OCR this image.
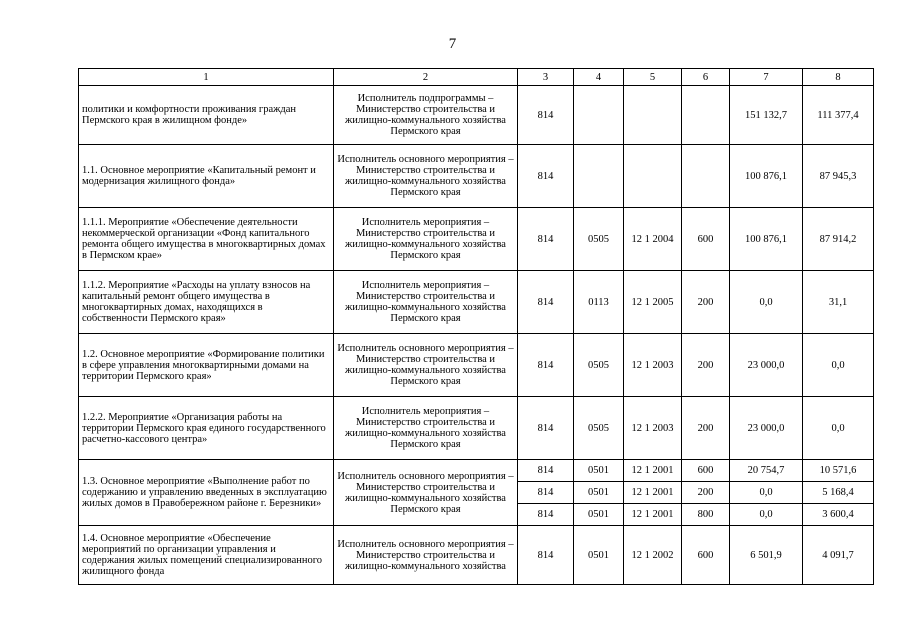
7
1	2	3	4	5	6	7	8
политики и комфортности проживания граждан Пермского края в жилищном фонде»	Исполнитель подпрограммы – Министерство строительства и жилищно-коммунального хозяйства Пермского края	814				151 132,7	111 377,4
1.1. Основное мероприятие «Капитальный ремонт и модернизация жилищного фонда»	Исполнитель основного мероприятия – Министерство строительства и жилищно-коммунального хозяйства Пермского края	814				100 876,1	87 945,3
1.1.1. Мероприятие «Обеспечение деятельности некоммерческой организации «Фонд капитального ремонта общего имущества в многоквартирных домах в Пермском крае»	Исполнитель мероприятия – Министерство строительства и жилищно-коммунального хозяйства Пермского края	814	0505	12 1 2004	600	100 876,1	87 914,2
1.1.2. Мероприятие «Расходы на уплату взносов на капитальный ремонт общего имущества в многоквартирных домах, находящихся в собственности Пермского края»	Исполнитель мероприятия – Министерство строительства и жилищно-коммунального хозяйства Пермского края	814	0113	12 1 2005	200	0,0	31,1
1.2. Основное мероприятие «Формирование политики в сфере управления многоквартирными домами на территории Пермского края»	Исполнитель основного мероприятия – Министерство строительства и жилищно-коммунального хозяйства Пермского края	814	0505	12 1 2003	200	23 000,0	0,0
1.2.2. Мероприятие «Организация работы на территории Пермского края единого государственного расчетно-кассового центра»	Исполнитель мероприятия – Министерство строительства и жилищно-коммунального хозяйства Пермского края	814	0505	12 1 2003	200	23 000,0	0,0
1.3. Основное мероприятие «Выполнение работ по содержанию и управлению введенных в эксплуатацию жилых домов в Правобережном районе г. Березники»	Исполнитель основного мероприятия – Министерство строительства и жилищно-коммунального хозяйства Пермского края	814	0501	12 1 2001	600	20 754,7	10 571,6
		814	0501	12 1 2001	200	0,0	5 168,4
		814	0501	12 1 2001	800	0,0	3 600,4
1.4. Основное мероприятие «Обеспечение мероприятий по организации управления и содержания жилых помещений специализированного жилищного фонда	Исполнитель основного мероприятия – Министерство строительства и жилищно-коммунального хозяйства	814	0501	12 1 2002	600	6 501,9	4 091,7
